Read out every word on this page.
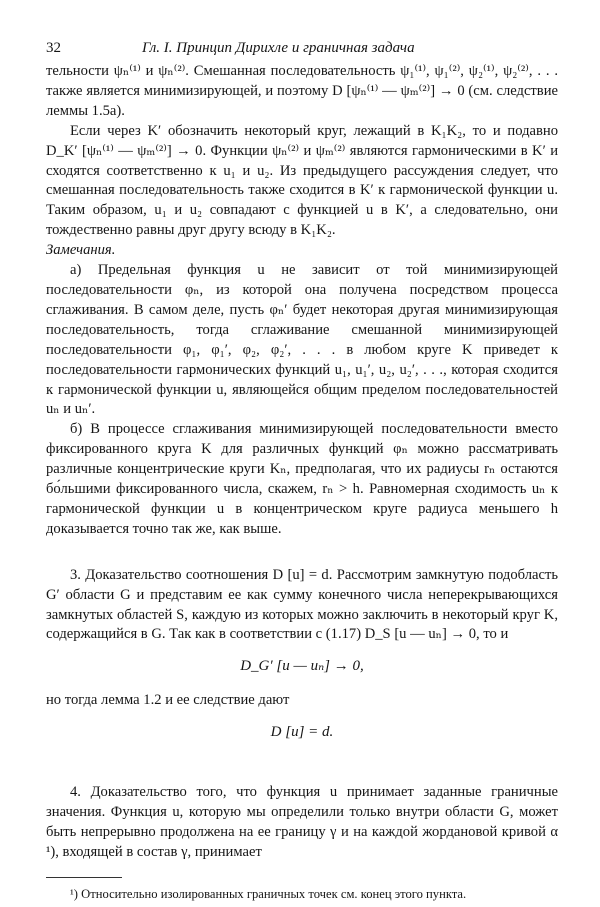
32	Гл. I. Принцип Дирихле и граничная задача

тельности ψₙ⁽¹⁾ и ψₙ⁽²⁾. Смешанная последовательность ψ₁⁽¹⁾, ψ₁⁽²⁾, ψ₂⁽¹⁾, ψ₂⁽²⁾, . . . также является минимизирующей, и поэтому D [ψₙ⁽¹⁾ — ψₘ⁽²⁾] → 0 (см. следствие леммы 1.5а).

Если через K′ обозначить некоторый круг, лежащий в K₁K₂, то и подавно D_K′ [ψₙ⁽¹⁾ — ψₘ⁽²⁾] → 0. Функции ψₙ⁽²⁾ и ψₘ⁽²⁾ являются гармоническими в K′ и сходятся соответственно к u₁ и u₂. Из предыдущего рассуждения следует, что смешанная последовательность также сходится в K′ к гармонической функции u. Таким образом, u₁ и u₂ совпадают с функцией u в K′, а следовательно, они тождественно равны друг другу всюду в K₁K₂.

Замечания.

а) Предельная функция u не зависит от той минимизирующей последовательности φₙ, из которой она получена посредством процесса сглаживания. В самом деле, пусть φₙ′ будет некоторая другая минимизирующая последовательность, тогда сглаживание смешанной минимизирующей последовательности φ₁, φ₁′, φ₂, φ₂′, . . . в любом круге K приведет к последовательности гармонических функций u₁, u₁′, u₂, u₂′, . . ., которая сходится к гармонической функции u, являющейся общим пределом последовательностей uₙ и uₙ′.

б) В процессе сглаживания минимизирующей последовательности вместо фиксированного круга K для различных функций φₙ можно рассматривать различные концентрические круги Kₙ, предполагая, что их радиусы rₙ остаются бо́льшими фиксированного числа, скажем, rₙ > h. Равномерная сходимость uₙ к гармонической функции u в концентрическом круге радиуса меньшего h доказывается точно так же, как выше.

3. Доказательство соотношения D [u] = d. Рассмотрим замкнутую подобласть G′ области G и представим ее как сумму конечного числа неперекрывающихся замкнутых областей S, каждую из которых можно заключить в некоторый круг K, содержащийся в G. Так как в соответствии с (1.17) D_S [u — uₙ] → 0, то и

D_G′ [u — uₙ] → 0,

но тогда лемма 1.2 и ее следствие дают

D [u] = d.

4. Доказательство того, что функция u принимает заданные граничные значения. Функция u, которую мы определили только внутри области G, может быть непрерывно продолжена на ее границу γ и на каждой жордановой кривой α ¹), входящей в состав γ, принимает

¹) Относительно изолированных граничных точек см. конец этого пункта.
